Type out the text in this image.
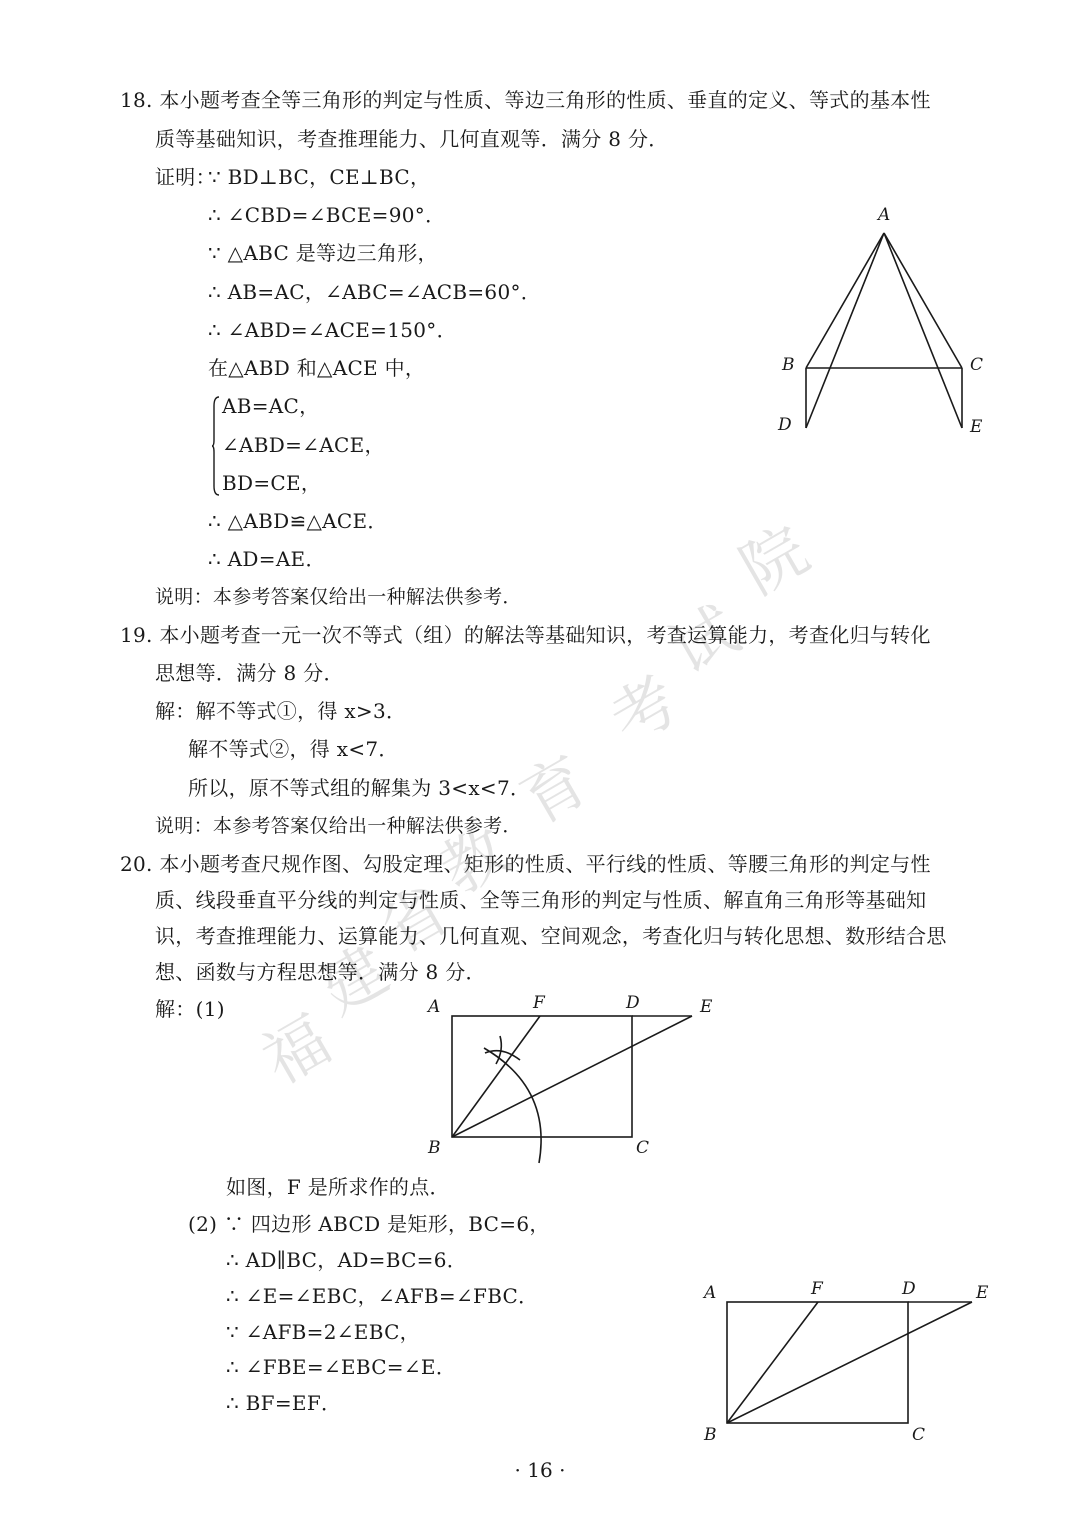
福
建
省
教
育
考
试
院
18. 本小题考查全等三角形的判定与性质、等边三角形的性质、垂直的定义、等式的基本性
质等基础知识，考查推理能力、几何直观等．满分 8 分．
证明：
∵ BD⊥BC，CE⊥BC，
∴ ∠CBD=∠BCE=90°．
∵ △ABC 是等边三角形，
∴ AB=AC，∠ABC=∠ACB=60°．
∴ ∠ABD=∠ACE=150°．
在△ABD 和△ACE 中，
AB=AC，
∠ABD=∠ACE，
BD=CE，
∴ △ABD≌△ACE．
∴ AD=AE．
说明：本参考答案仅给出一种解法供参考．
A
B	C
D	E
19. 本小题考查一元一次不等式（组）的解法等基础知识，考查运算能力，考查化归与转化
思想等．满分 8 分．
解：解不等式①，得 x>3．
解不等式②，得 x<7．
所以，原不等式组的解集为 3<x<7．
说明：本参考答案仅给出一种解法供参考．
20. 本小题考查尺规作图、勾股定理、矩形的性质、平行线的性质、等腰三角形的判定与性
质、线段垂直平分线的判定与性质、全等三角形的判定与性质、解直角三角形等基础知
识，考查推理能力、运算能力、几何直观、空间观念，考查化归与转化思想、数形结合思
想、函数与方程思想等．满分 8 分．
解：(1)	A	F	D	E
B	C
如图，F 是所求作的点．
(2) ∵ 四边形 ABCD 是矩形，BC=6，
∴ AD∥BC，AD=BC=6．
∴ ∠E=∠EBC，∠AFB=∠FBC．
∵ ∠AFB=2∠EBC，
∴ ∠FBE=∠EBC=∠E．
∴ BF=EF．
A	F	D	E
B	C
· 16 ·
